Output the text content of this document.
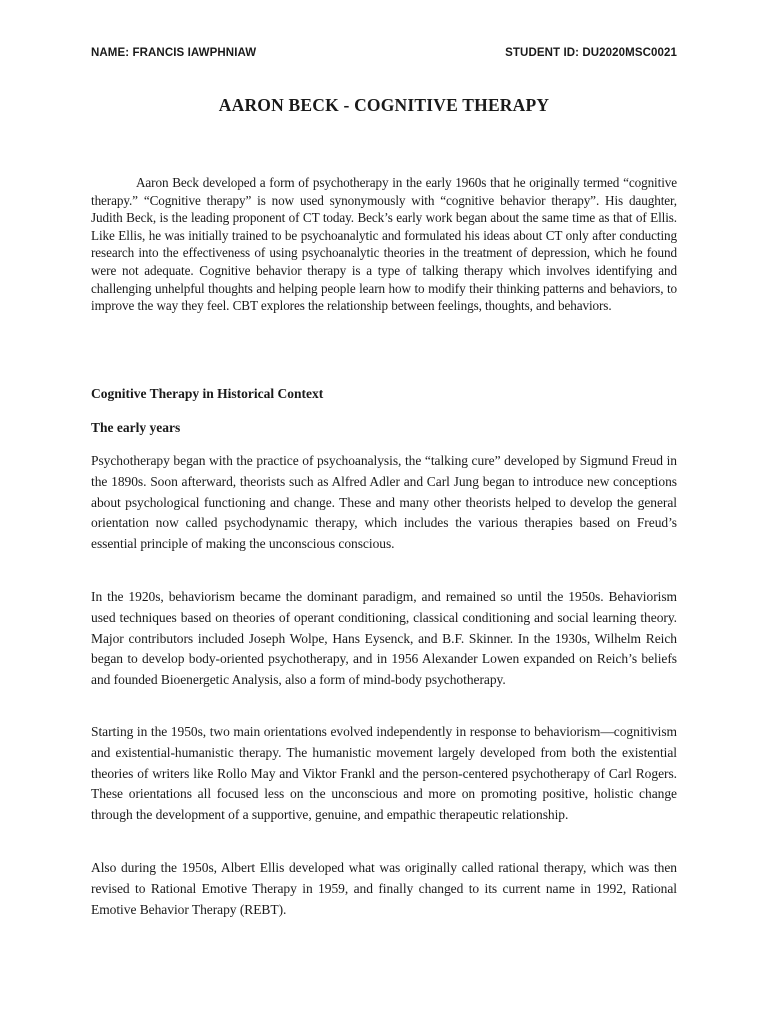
NAME: FRANCIS IAWPHNIAW	STUDENT ID: DU2020MSC0021
AARON BECK - COGNITIVE THERAPY

Aaron Beck developed a form of psychotherapy in the early 1960s that he originally termed “cognitive therapy.” “Cognitive therapy” is now used synonymously with “cognitive behavior therapy”. His daughter, Judith Beck, is the leading proponent of CT today. Beck’s early work began about the same time as that of Ellis. Like Ellis, he was initially trained to be psychoanalytic and formulated his ideas about CT only after conducting research into the effectiveness of using psychoanalytic theories in the treatment of depression, which he found were not adequate. Cognitive behavior therapy is a type of talking therapy which involves identifying and challenging unhelpful thoughts and helping people learn how to modify their thinking patterns and behaviors, to improve the way they feel. CBT explores the relationship between feelings, thoughts, and behaviors.

Cognitive Therapy in Historical Context
The early years

Psychotherapy began with the practice of psychoanalysis, the “talking cure” developed by Sigmund Freud in the 1890s. Soon afterward, theorists such as Alfred Adler and Carl Jung began to introduce new conceptions about psychological functioning and change. These and many other theorists helped to develop the general orientation now called psychodynamic therapy, which includes the various therapies based on Freud’s essential principle of making the unconscious conscious.

In the 1920s, behaviorism became the dominant paradigm, and remained so until the 1950s. Behaviorism used techniques based on theories of operant conditioning, classical conditioning and social learning theory. Major contributors included Joseph Wolpe, Hans Eysenck, and B.F. Skinner. In the 1930s, Wilhelm Reich began to develop body-oriented psychotherapy, and in 1956 Alexander Lowen expanded on Reich’s beliefs and founded Bioenergetic Analysis, also a form of mind-body psychotherapy.

Starting in the 1950s, two main orientations evolved independently in response to behaviorism—cognitivism and existential-humanistic therapy. The humanistic movement largely developed from both the existential theories of writers like Rollo May and Viktor Frankl and the person-centered psychotherapy of Carl Rogers. These orientations all focused less on the unconscious and more on promoting positive, holistic change through the development of a supportive, genuine, and empathic therapeutic relationship.

Also during the 1950s, Albert Ellis developed what was originally called rational therapy, which was then revised to Rational Emotive Therapy in 1959, and finally changed to its current name in 1992, Rational Emotive Behavior Therapy (REBT).
